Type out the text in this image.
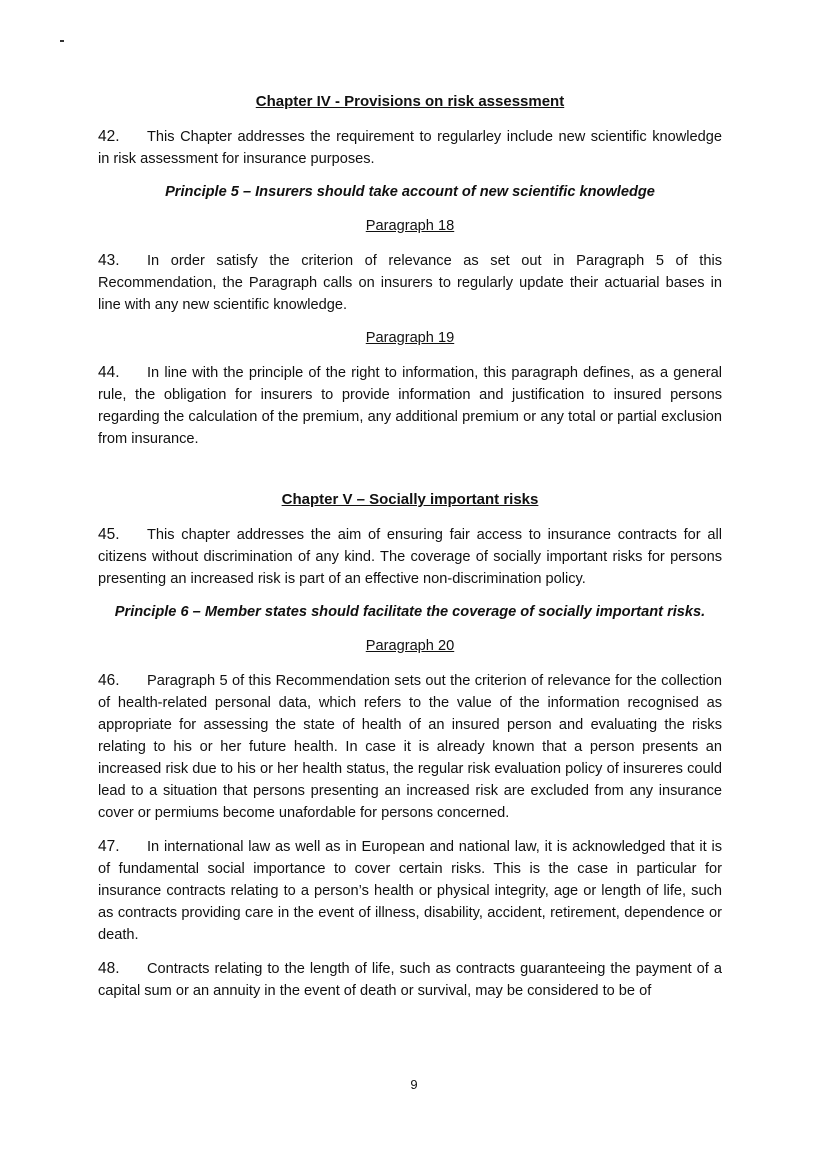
Chapter IV - Provisions on risk assessment

42. This Chapter addresses the requirement to regularley include new scientific knowledge in risk assessment for insurance purposes.

Principle 5 – Insurers should take account of new scientific knowledge
Paragraph 18

43. In order satisfy the criterion of relevance as set out in Paragraph 5 of this Recommendation, the Paragraph calls on insurers to regularly update their actuarial bases in line with any new scientific knowledge.

Paragraph 19

44. In line with the principle of the right to information, this paragraph defines, as a general rule, the obligation for insurers to provide information and justification to insured persons regarding the calculation of the premium, any additional premium or any total or partial exclusion from insurance.

Chapter V – Socially important risks

45. This chapter addresses the aim of ensuring fair access to insurance contracts for all citizens without discrimination of any kind. The coverage of socially important risks for persons presenting an increased risk is part of an effective non-discrimination policy.

Principle 6 – Member states should facilitate the coverage of socially important risks.
Paragraph 20

46. Paragraph 5 of this Recommendation sets out the criterion of relevance for the collection of health-related personal data, which refers to the value of the information recognised as appropriate for assessing the state of health of an insured person and evaluating the risks relating to his or her future health. In case it is already known that a person presents an increased risk due to his or her health status, the regular risk evaluation policy of insureres could lead to a situation that persons presenting an increased risk are excluded from any insurance cover or permiums become unafordable for persons concerned.

47. In international law as well as in European and national law, it is acknowledged that it is of fundamental social importance to cover certain risks. This is the case in particular for insurance contracts relating to a person’s health or physical integrity, age or length of life, such as contracts providing care in the event of illness, disability, accident, retirement, dependence or death.

48. Contracts relating to the length of life, such as contracts guaranteeing the payment of a capital sum or an annuity in the event of death or survival, may be considered to be of

9
